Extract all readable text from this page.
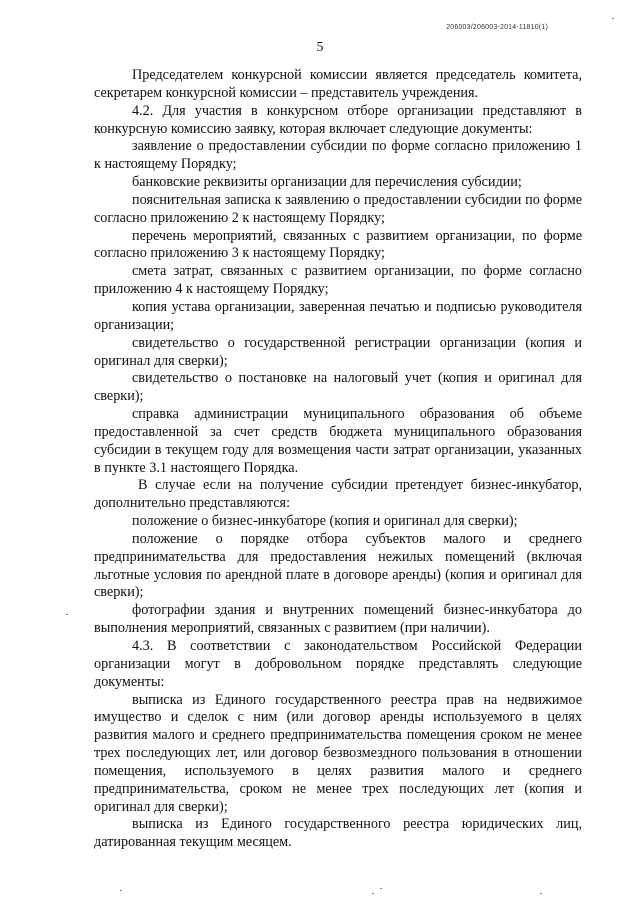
206003/206003-2014-11810(1)
5

Председателем конкурсной комиссии является председатель комитета, секретарем конкурсной комиссии – представитель учреждения.

4.2. Для участия в конкурсном отборе организации представляют в конкурсную комиссию заявку, которая включает следующие документы:

заявление о предоставлении субсидии по форме согласно приложению 1 к настоящему Порядку;

банковские реквизиты организации для перечисления субсидии;

пояснительная записка к заявлению о предоставлении субсидии по форме согласно приложению 2 к настоящему Порядку;

перечень мероприятий, связанных с развитием организации, по форме согласно приложению 3 к настоящему Порядку;

смета затрат, связанных с развитием организации, по форме согласно приложению 4 к настоящему Порядку;

копия устава организации, заверенная печатью и подписью руководителя организации;

свидетельство о государственной регистрации организации (копия и оригинал для сверки);

свидетельство о постановке на налоговый учет (копия и оригинал для сверки);

справка администрации муниципального образования об объеме предоставленной за счет средств бюджета муниципального образования субсидии в текущем году для возмещения части затрат организации, указанных в пункте 3.1 настоящего Порядка.

В случае если на получение субсидии претендует бизнес-инкубатор, дополнительно представляются:

положение о бизнес-инкубаторе (копия и оригинал для сверки);

положение о порядке отбора субъектов малого и среднего предпринимательства для предоставления нежилых помещений (включая льготные условия по арендной плате в договоре аренды) (копия и оригинал для сверки);

фотографии здания и внутренних помещений бизнес-инкубатора до выполнения мероприятий, связанных с развитием (при наличии).

4.3. В соответствии с законодательством Российской Федерации организации могут в добровольном порядке представлять следующие документы:

выписка из Единого государственного реестра прав на недвижимое имущество и сделок с ним (или договор аренды используемого в целях развития малого и среднего предпринимательства помещения сроком не менее трех последующих лет, или договор безвозмездного пользования в отношении помещения, используемого в целях развития малого и среднего предпринимательства, сроком не менее трех последующих лет (копия и оригинал для сверки);

выписка из Единого государственного реестра юридических лиц, датированная текущим месяцем.
